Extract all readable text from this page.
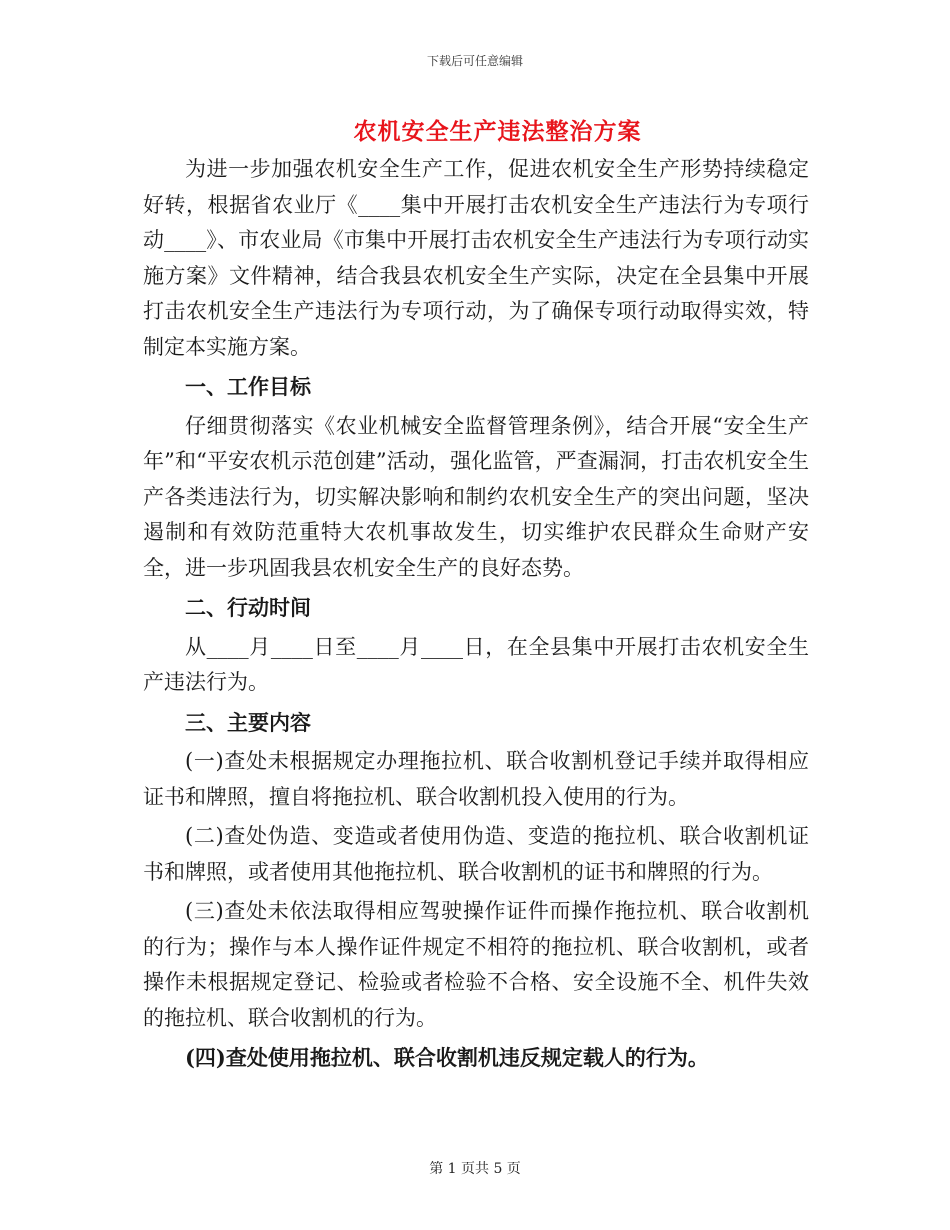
下载后可任意编辑
农机安全生产违法整治方案

为进一步加强农机安全生产工作，促进农机安全生产形势持续稳定好转，根据省农业厅《____集中开展打击农机安全生产违法行为专项行动____》、市农业局《市集中开展打击农机安全生产违法行为专项行动实施方案》文件精神，结合我县农机安全生产实际，决定在全县集中开展打击农机安全生产违法行为专项行动，为了确保专项行动取得实效，特制定本实施方案。

一、工作目标

仔细贯彻落实《农业机械安全监督管理条例》，结合开展“安全生产年”和“平安农机示范创建”活动，强化监管，严查漏洞，打击农机安全生产各类违法行为，切实解决影响和制约农机安全生产的突出问题，坚决遏制和有效防范重特大农机事故发生，切实维护农民群众生命财产安全，进一步巩固我县农机安全生产的良好态势。

二、行动时间

从____月____日至____月____日，在全县集中开展打击农机安全生产违法行为。

三、主要内容

(一)查处未根据规定办理拖拉机、联合收割机登记手续并取得相应证书和牌照，擅自将拖拉机、联合收割机投入使用的行为。

(二)查处伪造、变造或者使用伪造、变造的拖拉机、联合收割机证书和牌照，或者使用其他拖拉机、联合收割机的证书和牌照的行为。

(三)查处未依法取得相应驾驶操作证件而操作拖拉机、联合收割机的行为；操作与本人操作证件规定不相符的拖拉机、联合收割机，或者操作未根据规定登记、检验或者检验不合格、安全设施不全、机件失效的拖拉机、联合收割机的行为。

(四)查处使用拖拉机、联合收割机违反规定载人的行为。

第 1 页共 5 页
